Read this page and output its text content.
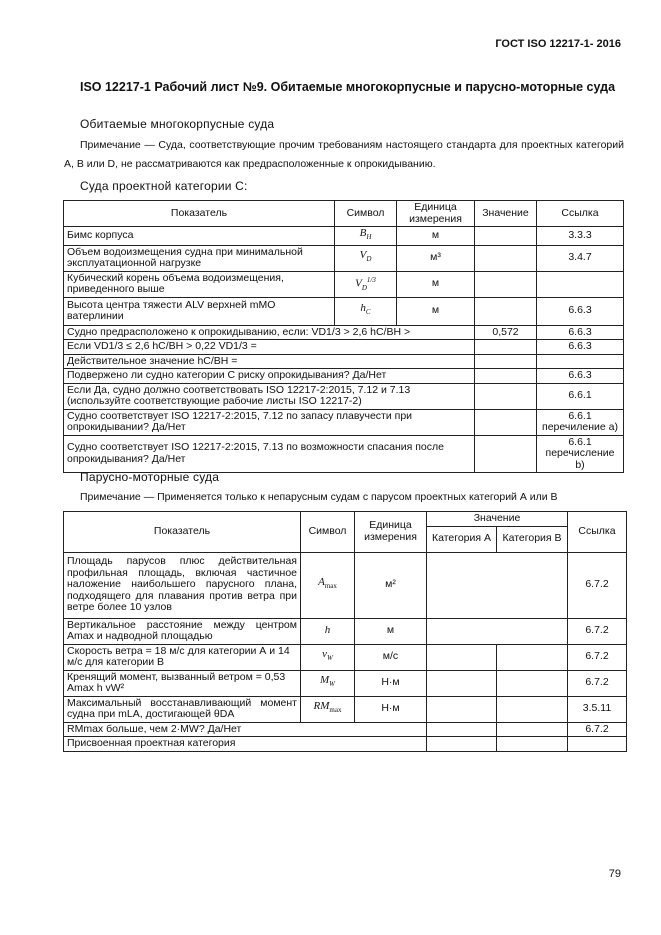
ГОСТ ISO 12217-1- 2016
ISO 12217-1 Рабочий лист №9. Обитаемые многокорпусные и парусно-моторные суда
Обитаемые многокорпусные суда
Примечание — Суда, соответствующие прочим требованиям настоящего стандарта для проектных категорий А, В или D, не рассматриваются как предрасположенные к опрокидыванию.
Суда проектной категории С:
Показатель	Символ	Единица измерения	Значение	Ссылка
Бимс корпуса	$B_H$	м		3.3.3
Объем водоизмещения судна при минимальной эксплуатационной нагрузке	$V_D$	м³		3.4.7
Кубический корень объема водоизмещения, приведенного выше	$V_D^{1/3}$	м		
Высота центра тяжести ALV верхней mMO ватерлинии	$h_C$	м		6.6.3
Судно предрасположено к опрокидыванию, если: VD1/3 > 2,6 hC/BH >			0,572	6.6.3
Если VD1/3 ≤ 2,6 hC/BH > 0,22 VD1/3 =				6.6.3
Действительное значение hC/BH =				
Подвержено ли судно категории С риску опрокидывания? Да/Нет				6.6.3
Если Да, судно должно соответствовать ISO 12217-2:2015, 7.12 и 7.13 (используйте соответствующие рабочие листы ISO 12217-2)				6.6.1
Судно соответствует ISO 12217-2:2015, 7.12 по запасу плавучести при опрокидывании? Да/Нет				6.6.1 перечиление а)
Судно соответствует ISO 12217-2:2015, 7.13 по возможности спасания после опрокидывания? Да/Нет				6.6.1 перечисление b)
Парусно-моторные суда
Примечание — Применяется только к непарусным судам с парусом проектных категорий А или В
Показатель	Символ	Единица измерения	Значение		Ссылка
			Категория А	Категория В	
Площадь парусов плюс действительная профильная площадь, включая частичное наложение наибольшего парусного плана, подходящего для плавания против ветра при ветре более 10 узлов	$A_{max}$	м²			6.7.2
Вертикальное расстояние между центром Amax и надводной площадью	h	м			6.7.2
Скорость ветра = 18 м/с для категории А и 14 м/с для категории В	$v_W$	м/с			6.7.2
Кренящий момент, вызванный ветром = 0,53 Amax h vW²	$M_W$	Н·м			6.7.2
Максимальный восстанавливающий момент судна при mLA, достигающей θDA	$RM_{max}$	Н·м			3.5.11
RMmax больше, чем 2·MW? Да/Нет					6.7.2
Присвоенная проектная категория					
79
